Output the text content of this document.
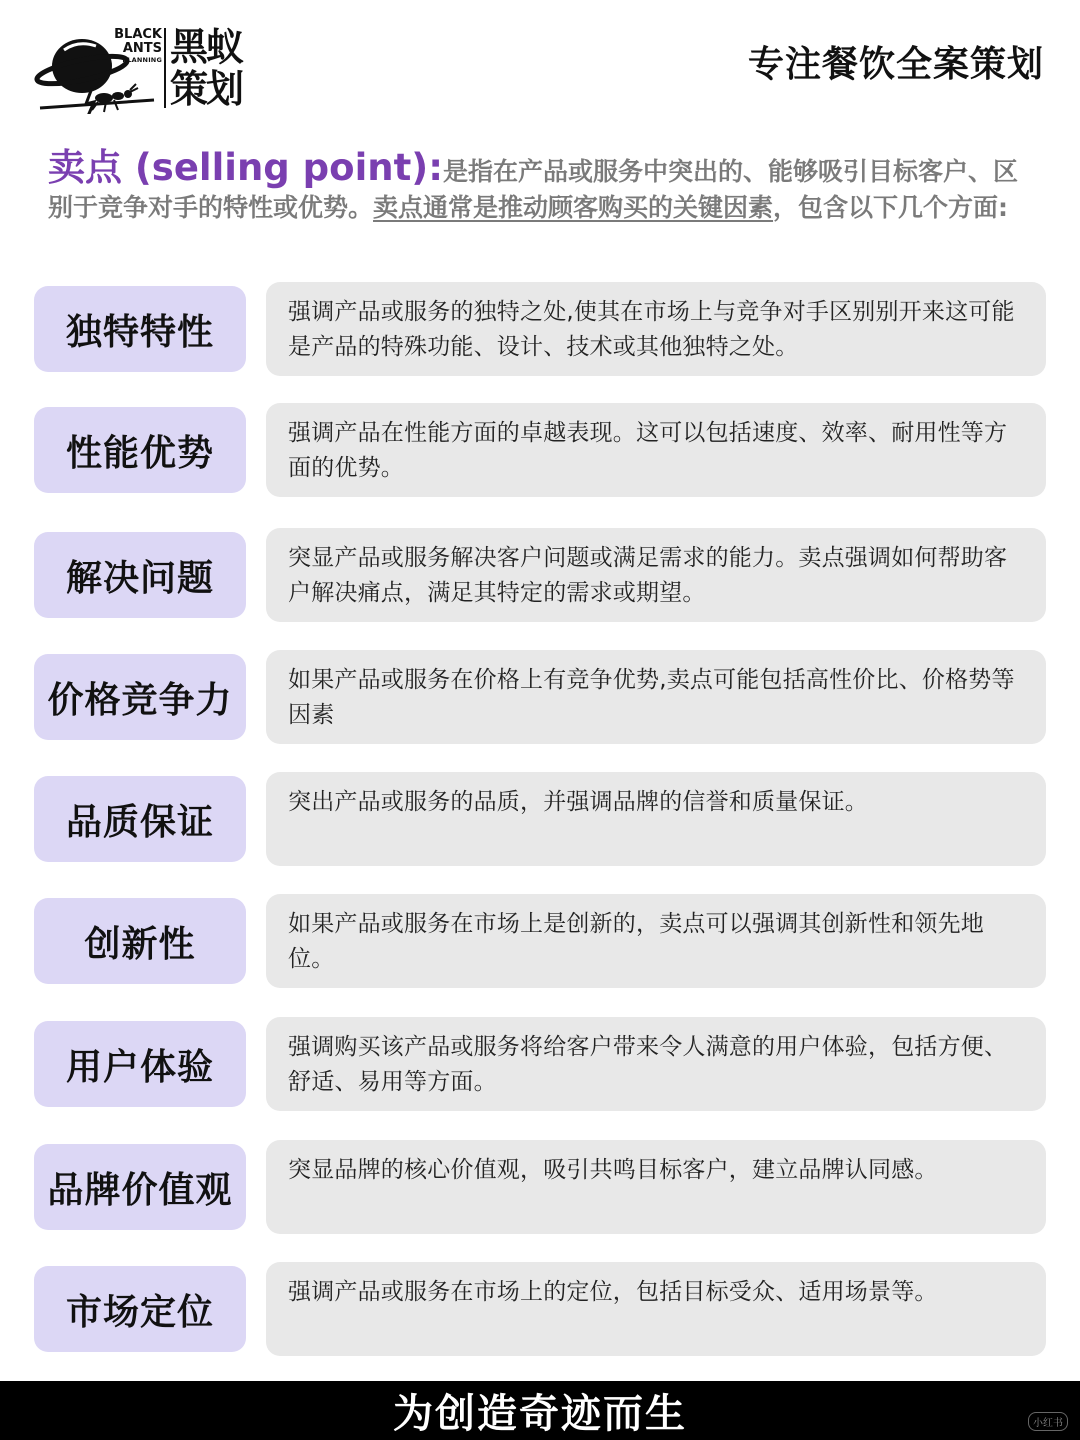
BLACK
ANTS
PLANNING 黑蚁
策划
专注餐饮全案策划
卖点 (selling point):是指在产品或服务中突出的、能够吸引目标客户、区别于竞争对手的特性或优势。卖点通常是推动顾客购买的关键因素，包含以下几个方面:
独特特性	强调产品或服务的独特之处,使其在市场上与竞争对手区别别开来这可能是产品的特殊功能、设计、技术或其他独特之处。
性能优势	强调产品在性能方面的卓越表现。这可以包括速度、效率、耐用性等方面的优势。
解决问题	突显产品或服务解决客户问题或满足需求的能力。卖点强调如何帮助客户解决痛点，满足其特定的需求或期望。
价格竞争力	如果产品或服务在价格上有竞争优势,卖点可能包括高性价比、价格势等因素
品质保证	突出产品或服务的品质，并强调品牌的信誉和质量保证。
创新性	如果产品或服务在市场上是创新的，卖点可以强调其创新性和领先地位。
用户体验	强调购买该产品或服务将给客户带来令人满意的用户体验，包括方便、舒适、易用等方面。
品牌价值观	突显品牌的核心价值观，吸引共鸣目标客户，建立品牌认同感。
市场定位	强调产品或服务在市场上的定位，包括目标受众、适用场景等。
为创造奇迹而生	小红书
